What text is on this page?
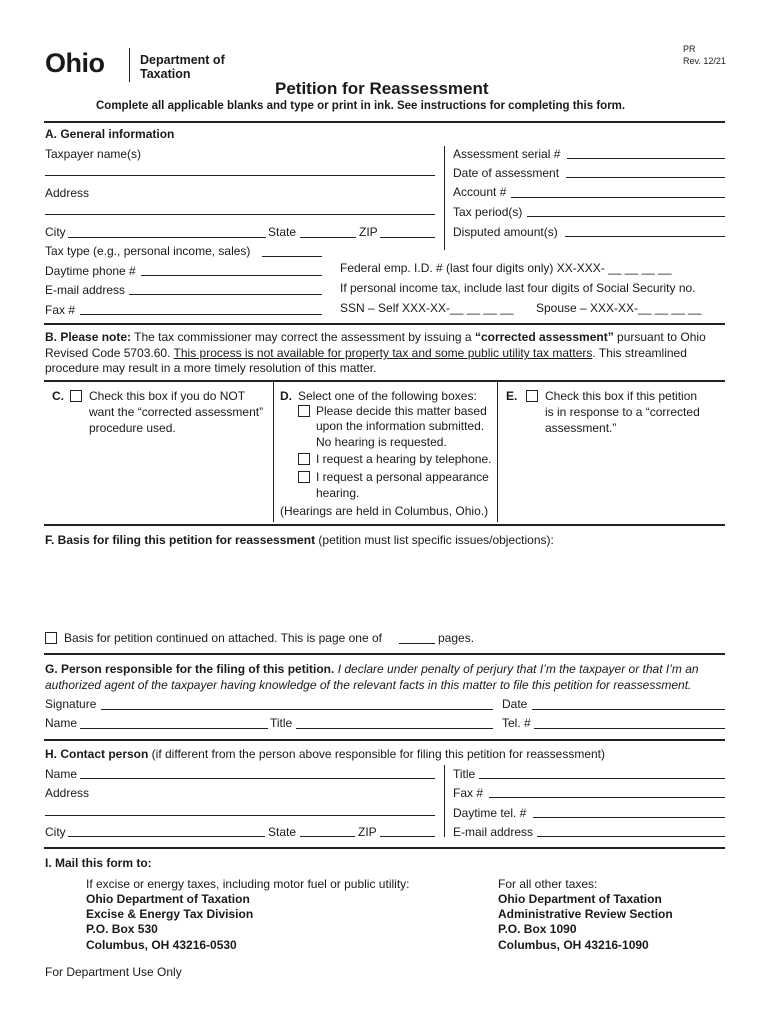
Ohio	Department of
Taxation
PR
Rev. 12/21
Petition for Reassessment
Complete all applicable blanks and type or print in ink. See instructions for completing this form.
A. General information
Taxpayer name(s)
Address
City	State	ZIP
Assessment serial #
Date of assessment
Account #
Tax period(s)
Disputed amount(s)
Tax type (e.g., personal income, sales)
Daytime phone #
E-mail address
Fax #
Federal emp. I.D. # (last four digits only) XX-XXX- __ __ __ __
If personal income tax, include last four digits of Social Security no.
SSN – Self XXX-XX-__ __ __ __ Spouse – XXX-XX-__ __ __ __
B. Please note: The tax commissioner may correct the assessment by issuing a “corrected assessment” pursuant to Ohio
Revised Code 5703.60. This process is not available for property tax and some public utility tax matters. This streamlined
procedure may result in a more timely resolution of this matter.
C. Check this box if you do NOT
want the “corrected assessment”
procedure used.
D. Select one of the following boxes:
Please decide this matter based
upon the information submitted.
No hearing is requested.
I request a hearing by telephone.
I request a personal appearance
hearing.
(Hearings are held in Columbus, Ohio.)
E. Check this box if this petition
is in response to a “corrected
assessment.”
F. Basis for filing this petition for reassessment (petition must list specific issues/objections):
Basis for petition continued on attached. This is page one of	pages.
G. Person responsible for the filing of this petition. I declare under penalty of perjury that I’m the taxpayer or that I’m an
authorized agent of the taxpayer having knowledge of the relevant facts in this matter to file this petition for reassessment.
Signature	Date
Name	Title	Tel. #
H. Contact person (if different from the person above responsible for filing this petition for reassessment)
Name
Address
City	State	ZIP
Title
Fax #
Daytime tel. #
E-mail address
I. Mail this form to:
If excise or energy taxes, including motor fuel or public utility:
Ohio Department of Taxation
Excise & Energy Tax Division
P.O. Box 530
Columbus, OH 43216-0530
For all other taxes:
Ohio Department of Taxation
Administrative Review Section
P.O. Box 1090
Columbus, OH 43216-1090
For Department Use Only
